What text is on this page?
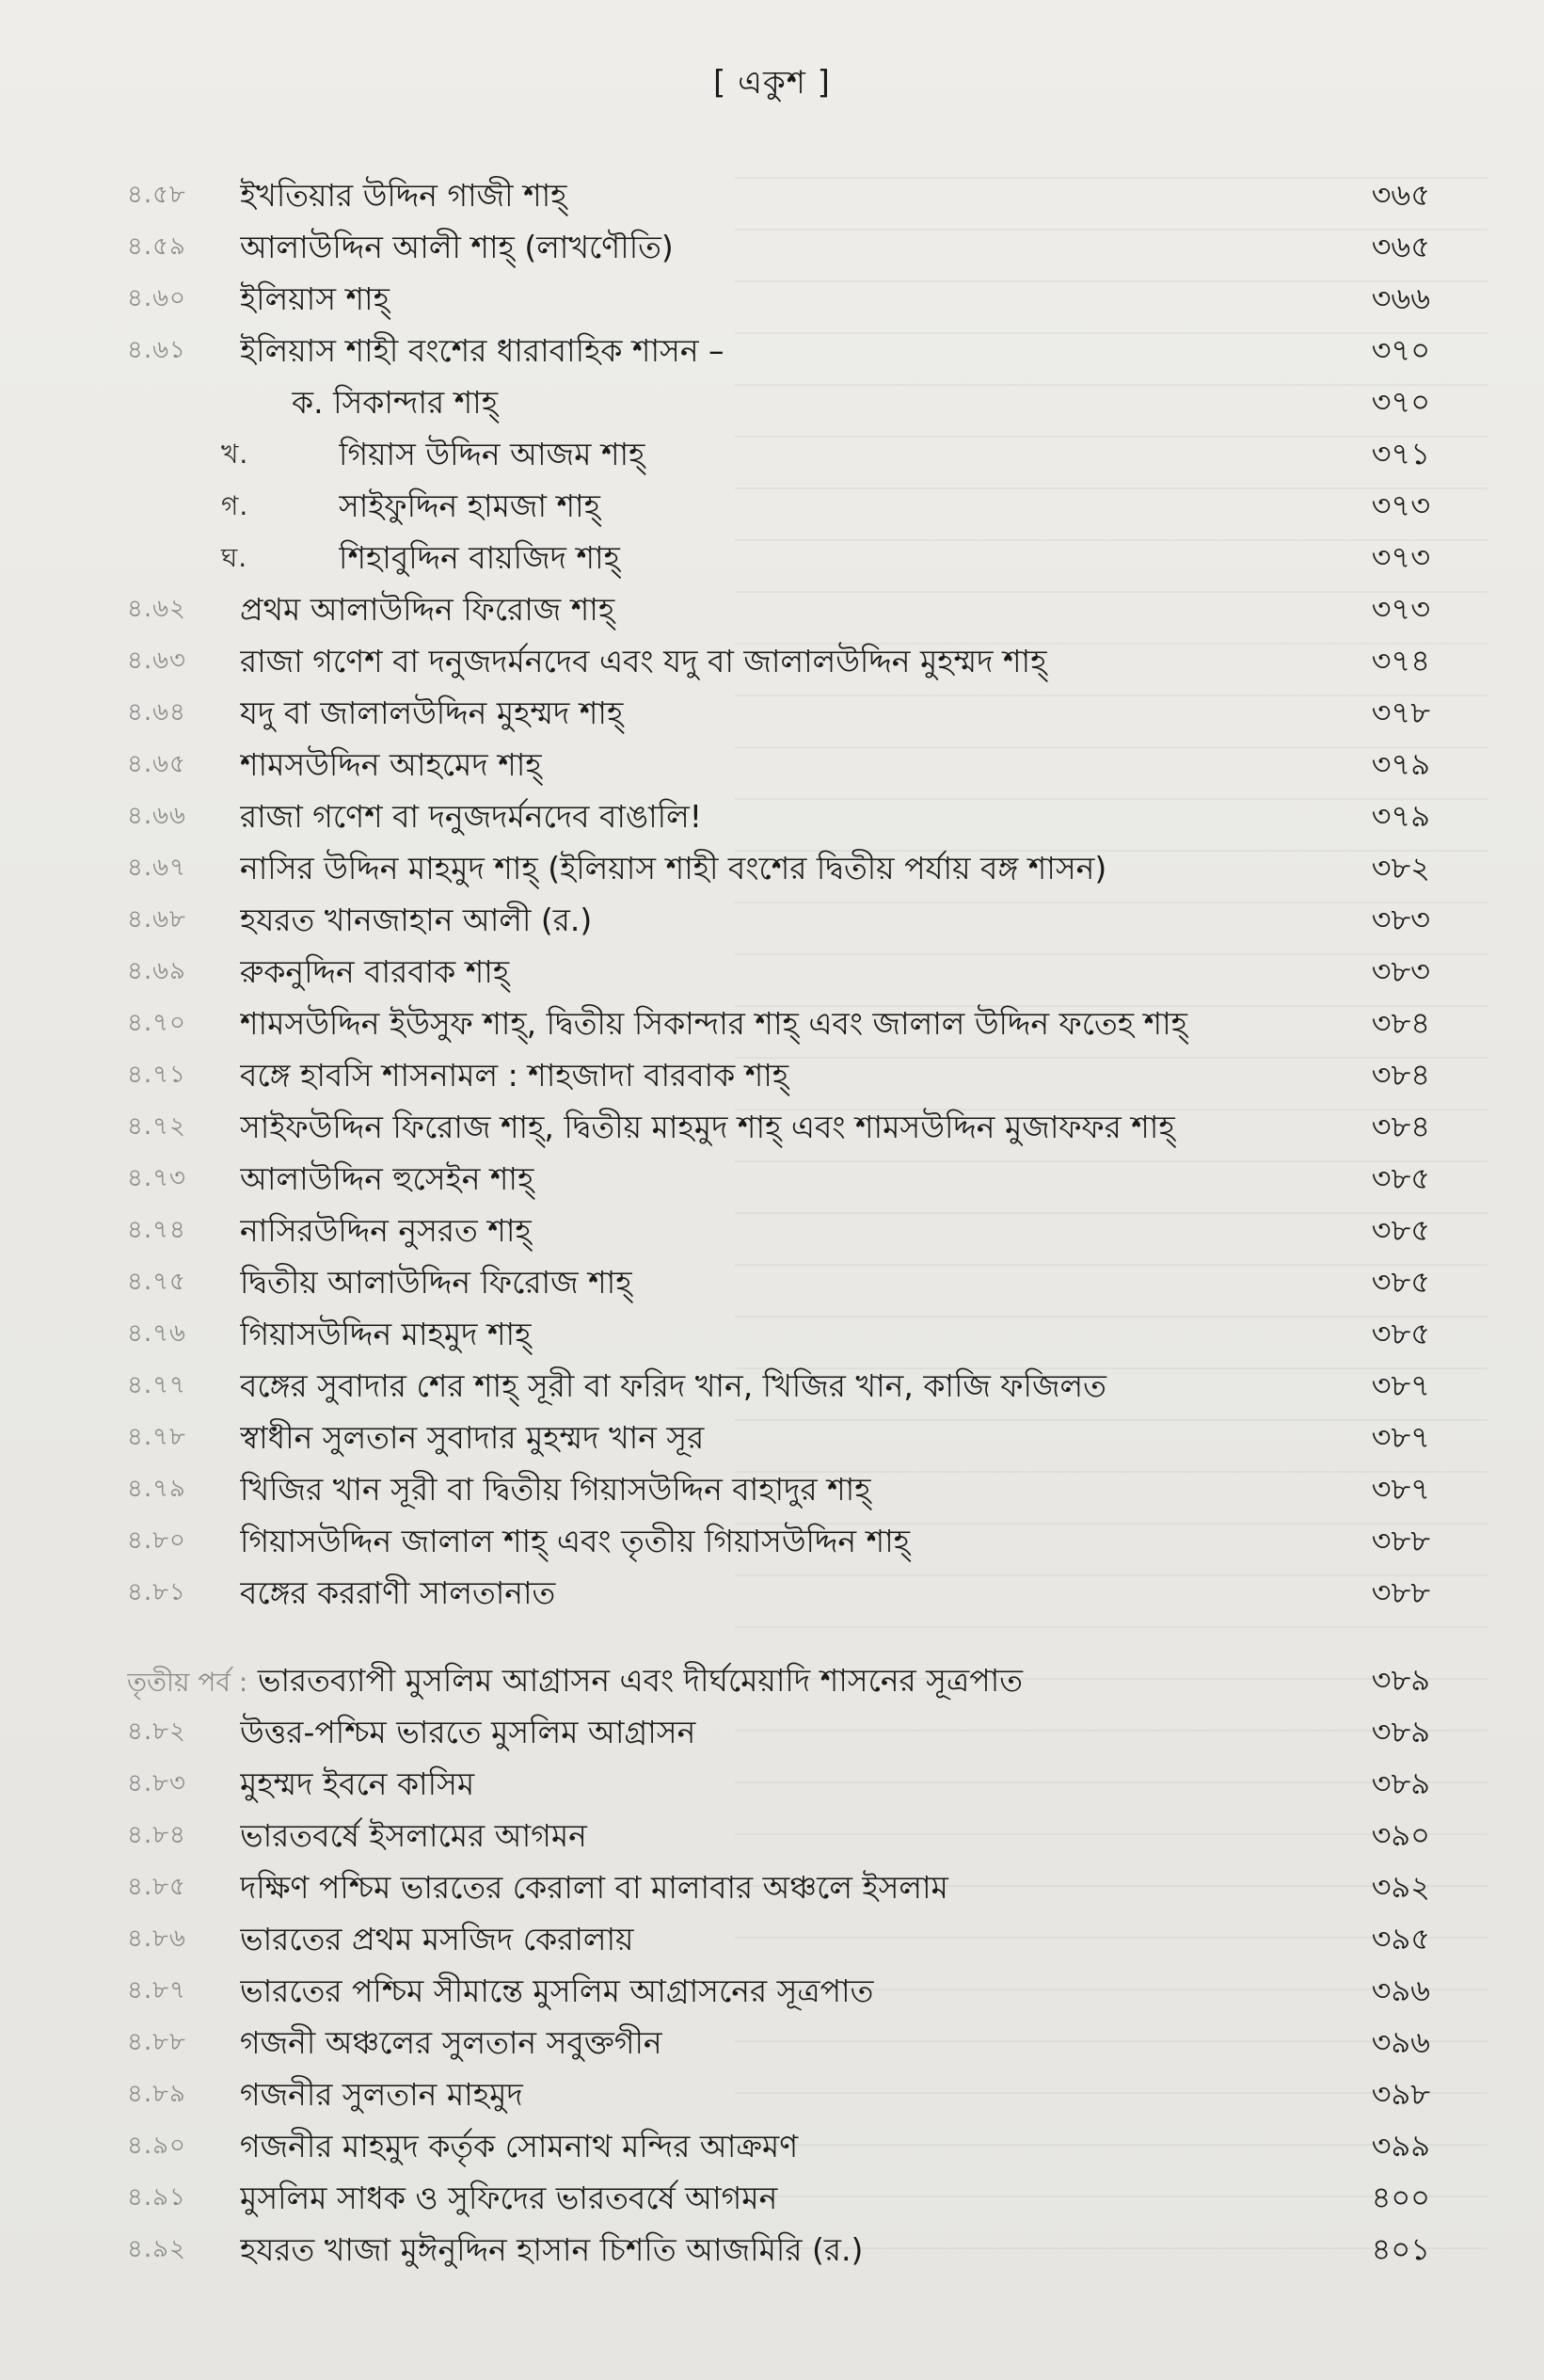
[ একুশ ]
৪.৫৮	ইখতিয়ার উদ্দিন গাজী শাহ্	৩৬৫
৪.৫৯	আলাউদ্দিন আলী শাহ্ (লাখণৌতি)	৩৬৫
৪.৬০	ইলিয়াস শাহ্	৩৬৬
৪.৬১	ইলিয়াস শাহী বংশের ধারাবাহিক শাসন –	৩৭০
ক. সিকান্দার শাহ্	৩৭০
খ.	গিয়াস উদ্দিন আজম শাহ্	৩৭১
গ.	সাইফুদ্দিন হামজা শাহ্	৩৭৩
ঘ.	শিহাবুদ্দিন বায়জিদ শাহ্	৩৭৩
৪.৬২	প্রথম আলাউদ্দিন ফিরোজ শাহ্	৩৭৩
৪.৬৩	রাজা গণেশ বা দনুজদর্মনদেব এবং যদু বা জালালউদ্দিন মুহম্মদ শাহ্	৩৭৪
৪.৬৪	যদু বা জালালউদ্দিন মুহম্মদ শাহ্	৩৭৮
৪.৬৫	শামসউদ্দিন আহমেদ শাহ্	৩৭৯
৪.৬৬	রাজা গণেশ বা দনুজদর্মনদেব বাঙালি!	৩৭৯
৪.৬৭	নাসির উদ্দিন মাহমুদ শাহ্ (ইলিয়াস শাহী বংশের দ্বিতীয় পর্যায় বঙ্গ শাসন)	৩৮২
৪.৬৮	হযরত খানজাহান আলী (র.)	৩৮৩
৪.৬৯	রুকনুদ্দিন বারবাক শাহ্	৩৮৩
৪.৭০	শামসউদ্দিন ইউসুফ শাহ্, দ্বিতীয় সিকান্দার শাহ্ এবং জালাল উদ্দিন ফতেহ শাহ্	৩৮৪
৪.৭১	বঙ্গে হাবসি শাসনামল : শাহজাদা বারবাক শাহ্	৩৮৪
৪.৭২	সাইফউদ্দিন ফিরোজ শাহ্, দ্বিতীয় মাহমুদ শাহ্ এবং শামসউদ্দিন মুজাফফর শাহ্	৩৮৪
৪.৭৩	আলাউদ্দিন হুসেইন শাহ্	৩৮৫
৪.৭৪	নাসিরউদ্দিন নুসরত শাহ্	৩৮৫
৪.৭৫	দ্বিতীয় আলাউদ্দিন ফিরোজ শাহ্	৩৮৫
৪.৭৬	গিয়াসউদ্দিন মাহমুদ শাহ্	৩৮৫
৪.৭৭	বঙ্গের সুবাদার শের শাহ্ সূরী বা ফরিদ খান, খিজির খান, কাজি ফজিলত	৩৮৭
৪.৭৮	স্বাধীন সুলতান সুবাদার মুহম্মদ খান সূর	৩৮৭
৪.৭৯	খিজির খান সূরী বা দ্বিতীয় গিয়াসউদ্দিন বাহাদুর শাহ্	৩৮৭
৪.৮০	গিয়াসউদ্দিন জালাল শাহ্ এবং তৃতীয় গিয়াসউদ্দিন শাহ্	৩৮৮
৪.৮১	বঙ্গের কররাণী সালতানাত	৩৮৮
তৃতীয় পর্ব : ভারতব্যাপী মুসলিম আগ্রাসন এবং দীর্ঘমেয়াদি শাসনের সূত্রপাত	৩৮৯
৪.৮২	উত্তর-পশ্চিম ভারতে মুসলিম আগ্রাসন	৩৮৯
৪.৮৩	মুহম্মদ ইবনে কাসিম	৩৮৯
৪.৮৪	ভারতবর্ষে ইসলামের আগমন	৩৯০
৪.৮৫	দক্ষিণ পশ্চিম ভারতের কেরালা বা মালাবার অঞ্চলে ইসলাম	৩৯২
৪.৮৬	ভারতের প্রথম মসজিদ কেরালায়	৩৯৫
৪.৮৭	ভারতের পশ্চিম সীমান্তে মুসলিম আগ্রাসনের সূত্রপাত	৩৯৬
৪.৮৮	গজনী অঞ্চলের সুলতান সবুক্তগীন	৩৯৬
৪.৮৯	গজনীর সুলতান মাহমুদ	৩৯৮
৪.৯০	গজনীর মাহমুদ কর্তৃক সোমনাথ মন্দির আক্রমণ	৩৯৯
৪.৯১	মুসলিম সাধক ও সুফিদের ভারতবর্ষে আগমন	৪০০
৪.৯২	হযরত খাজা মুঈনুদ্দিন হাসান চিশতি আজমিরি (র.)	৪০১
